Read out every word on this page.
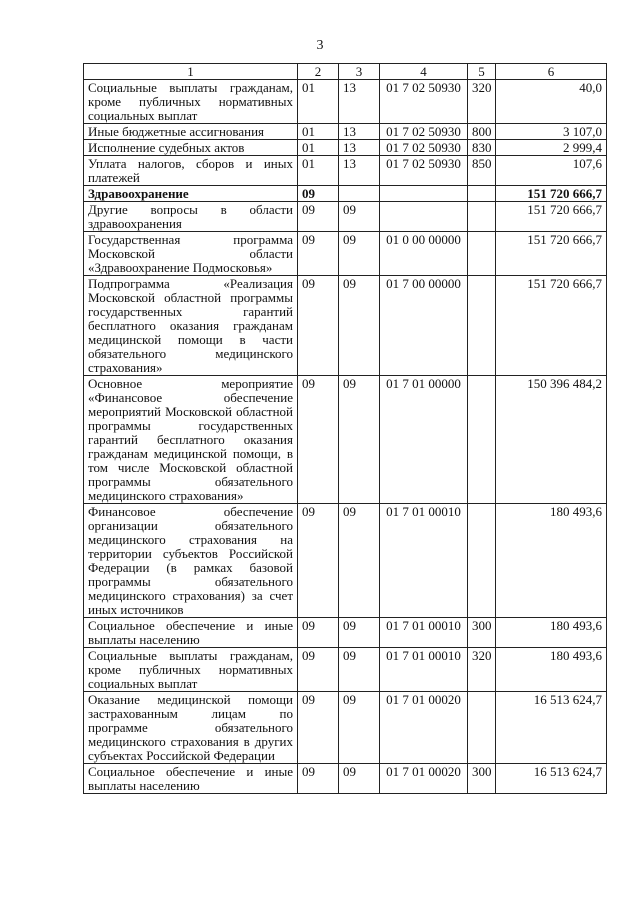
3
1	2	3	4	5	6
Социальные выплаты гражданам, кроме публичных нормативных социальных выплат	01	13	01 7 02 50930	320	40,0
Иные бюджетные ассигнования	01	13	01 7 02 50930	800	3 107,0
Исполнение судебных актов	01	13	01 7 02 50930	830	2 999,4
Уплата налогов, сборов и иных платежей	01	13	01 7 02 50930	850	107,6
Здравоохранение	09				151 720 666,7
Другие вопросы в области здравоохранения	09	09			151 720 666,7
Государственная программа Московской области «Здравоохранение Подмосковья»	09	09	01 0 00 00000		151 720 666,7
Подпрограмма «Реализация Московской областной программы государственных гарантий бесплатного оказания гражданам медицинской помощи в части обязательного медицинского страхования»	09	09	01 7 00 00000		151 720 666,7
Основное мероприятие «Финансовое обеспечение мероприятий Московской областной программы государственных гарантий бесплатного оказания гражданам медицинской помощи, в том числе Московской областной программы обязательного медицинского страхования»	09	09	01 7 01 00000		150 396 484,2
Финансовое обеспечение организации обязательного медицинского страхования на территории субъектов Российской Федерации (в рамках базовой программы обязательного медицинского страхования) за счет иных источников	09	09	01 7 01 00010		180 493,6
Социальное обеспечение и иные выплаты населению	09	09	01 7 01 00010	300	180 493,6
Социальные выплаты гражданам, кроме публичных нормативных социальных выплат	09	09	01 7 01 00010	320	180 493,6
Оказание медицинской помощи застрахованным лицам по программе обязательного медицинского страхования в других субъектах Российской Федерации	09	09	01 7 01 00020		16 513 624,7
Социальное обеспечение и иные выплаты населению	09	09	01 7 01 00020	300	16 513 624,7
